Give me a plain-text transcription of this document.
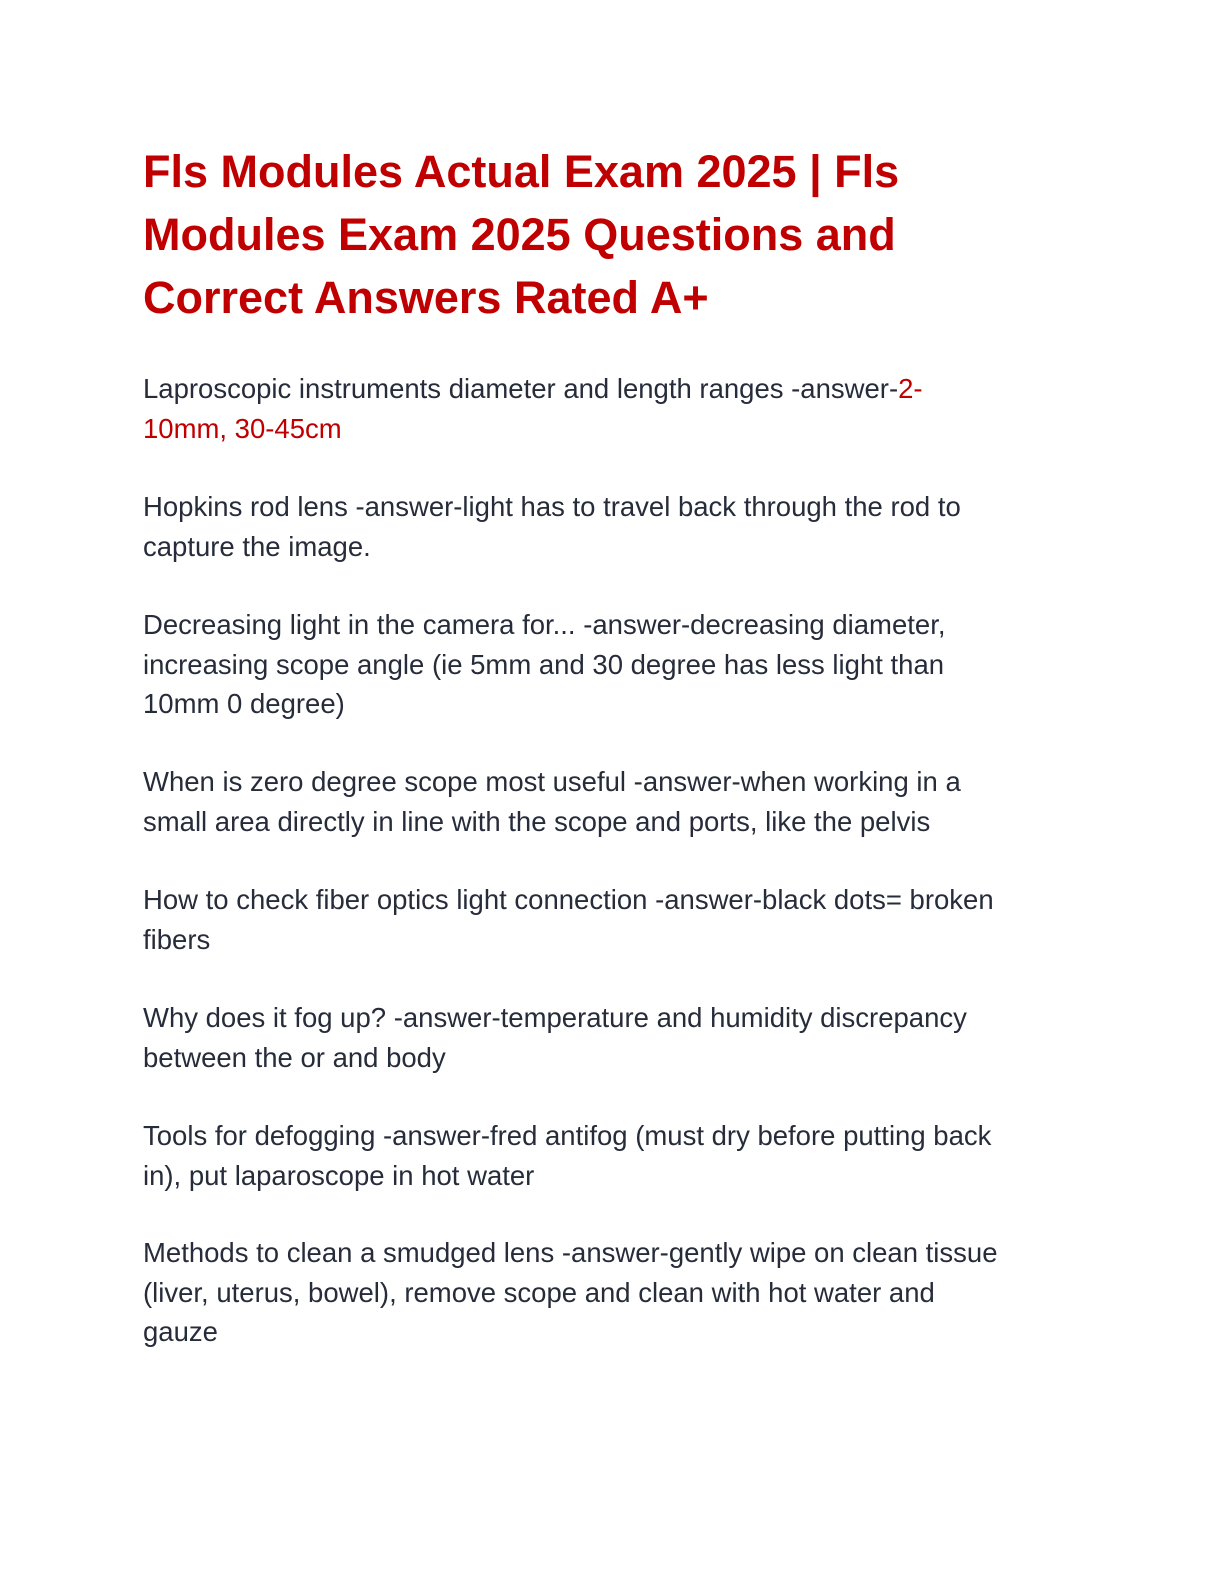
Fls Modules Actual Exam 2025 | Fls
Modules Exam 2025 Questions and
Correct Answers Rated A+

Laproscopic instruments diameter and length ranges -answer-2-
10mm, 30-45cm

Hopkins rod lens -answer-light has to travel back through the rod to
capture the image.

Decreasing light in the camera for... -answer-decreasing diameter,
increasing scope angle (ie 5mm and 30 degree has less light than
10mm 0 degree)

When is zero degree scope most useful -answer-when working in a
small area directly in line with the scope and ports, like the pelvis

How to check fiber optics light connection -answer-black dots= broken
fibers

Why does it fog up? -answer-temperature and humidity discrepancy
between the or and body

Tools for defogging -answer-fred antifog (must dry before putting back
in), put laparoscope in hot water

Methods to clean a smudged lens -answer-gently wipe on clean tissue
(liver, uterus, bowel), remove scope and clean with hot water and
gauze
